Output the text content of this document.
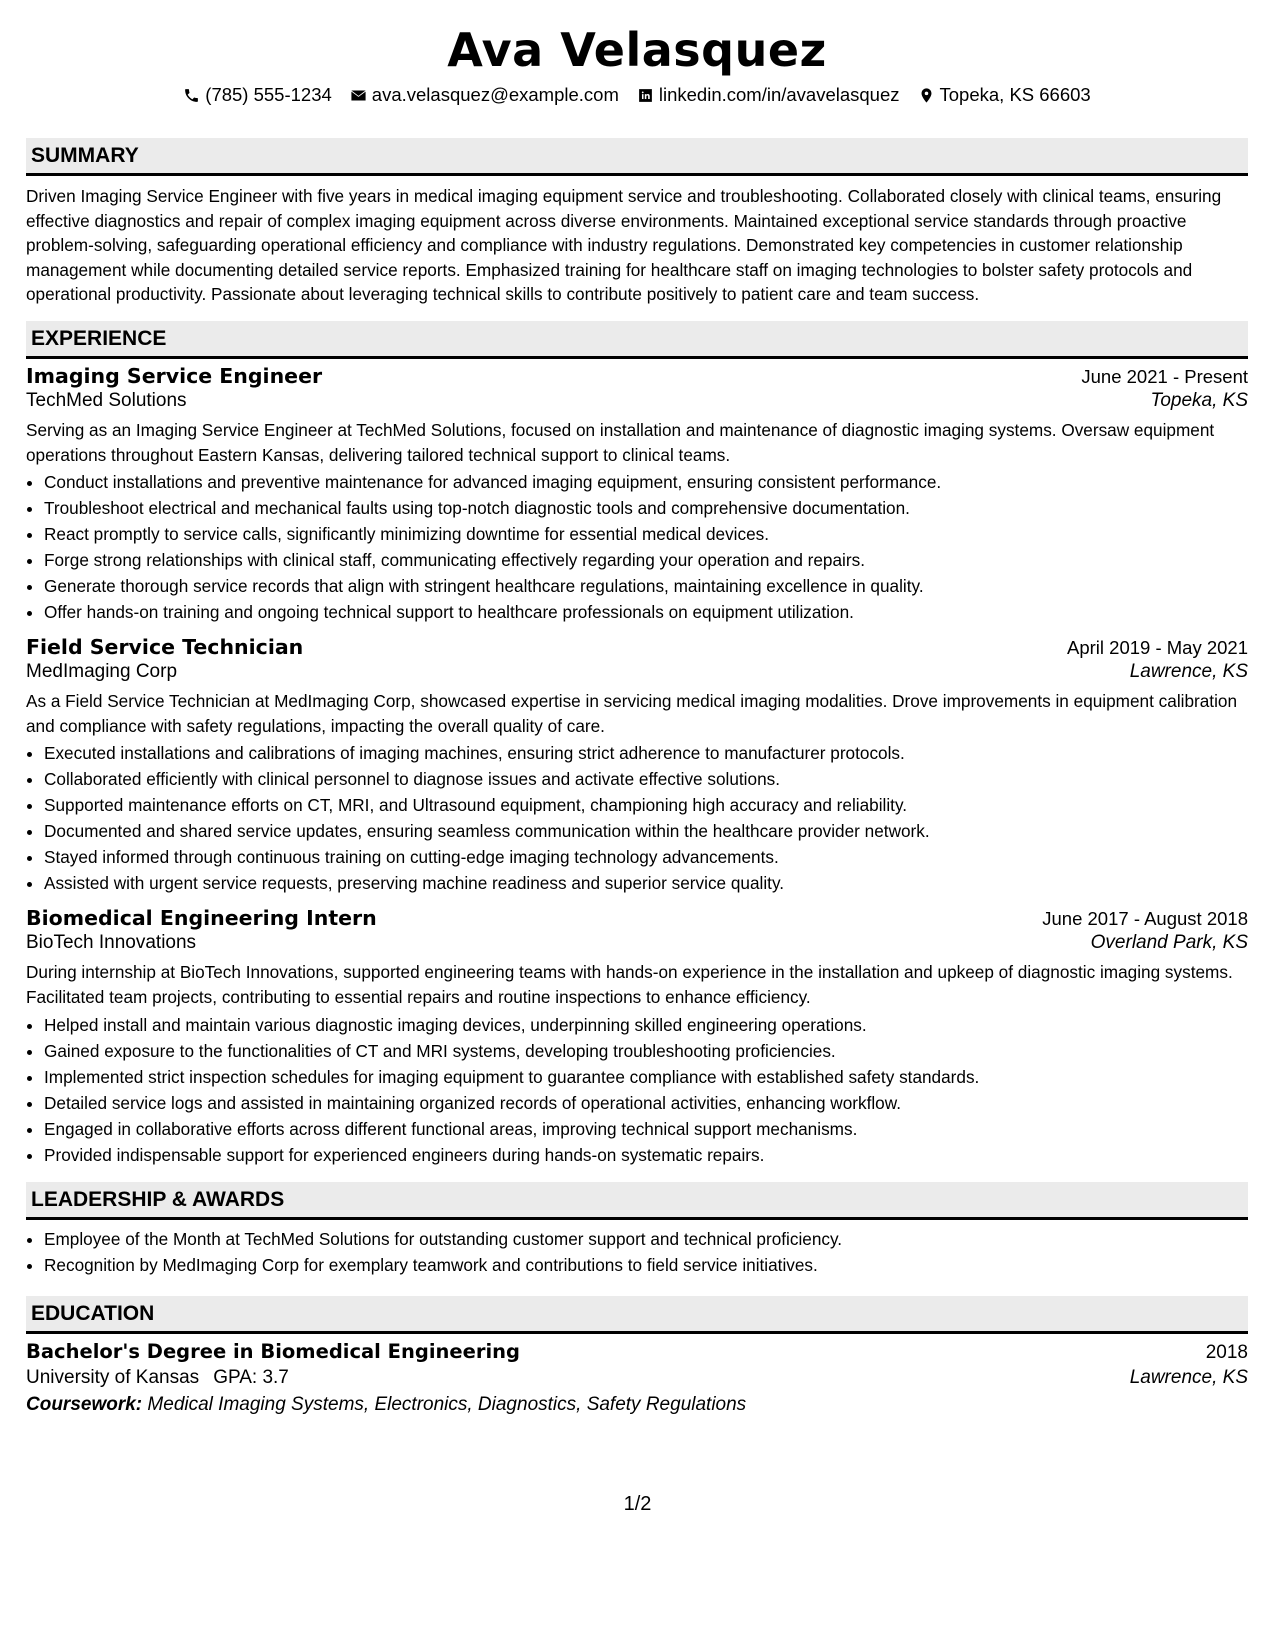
Ava Velasquez
(785) 555-1234 ava.velasquez@example.com linkedin.com/in/avavelasquez Topeka, KS 66603
SUMMARY
Driven Imaging Service Engineer with five years in medical imaging equipment service and troubleshooting. Collaborated closely with clinical teams, ensuring effective diagnostics and repair of complex imaging equipment across diverse environments. Maintained exceptional service standards through proactive problem-solving, safeguarding operational efficiency and compliance with industry regulations. Demonstrated key competencies in customer relationship management while documenting detailed service reports. Emphasized training for healthcare staff on imaging technologies to bolster safety protocols and operational productivity. Passionate about leveraging technical skills to contribute positively to patient care and team success.
EXPERIENCE
Imaging Service Engineer	June 2021 - Present
TechMed Solutions	Topeka, KS
Serving as an Imaging Service Engineer at TechMed Solutions, focused on installation and maintenance of diagnostic imaging systems. Oversaw equipment operations throughout Eastern Kansas, delivering tailored technical support to clinical teams.
• Conduct installations and preventive maintenance for advanced imaging equipment, ensuring consistent performance.
• Troubleshoot electrical and mechanical faults using top-notch diagnostic tools and comprehensive documentation.
• React promptly to service calls, significantly minimizing downtime for essential medical devices.
• Forge strong relationships with clinical staff, communicating effectively regarding your operation and repairs.
• Generate thorough service records that align with stringent healthcare regulations, maintaining excellence in quality.
• Offer hands-on training and ongoing technical support to healthcare professionals on equipment utilization.
Field Service Technician	April 2019 - May 2021
MedImaging Corp	Lawrence, KS
As a Field Service Technician at MedImaging Corp, showcased expertise in servicing medical imaging modalities. Drove improvements in equipment calibration and compliance with safety regulations, impacting the overall quality of care.
• Executed installations and calibrations of imaging machines, ensuring strict adherence to manufacturer protocols.
• Collaborated efficiently with clinical personnel to diagnose issues and activate effective solutions.
• Supported maintenance efforts on CT, MRI, and Ultrasound equipment, championing high accuracy and reliability.
• Documented and shared service updates, ensuring seamless communication within the healthcare provider network.
• Stayed informed through continuous training on cutting-edge imaging technology advancements.
• Assisted with urgent service requests, preserving machine readiness and superior service quality.
Biomedical Engineering Intern	June 2017 - August 2018
BioTech Innovations	Overland Park, KS
During internship at BioTech Innovations, supported engineering teams with hands-on experience in the installation and upkeep of diagnostic imaging systems. Facilitated team projects, contributing to essential repairs and routine inspections to enhance efficiency.
• Helped install and maintain various diagnostic imaging devices, underpinning skilled engineering operations.
• Gained exposure to the functionalities of CT and MRI systems, developing troubleshooting proficiencies.
• Implemented strict inspection schedules for imaging equipment to guarantee compliance with established safety standards.
• Detailed service logs and assisted in maintaining organized records of operational activities, enhancing workflow.
• Engaged in collaborative efforts across different functional areas, improving technical support mechanisms.
• Provided indispensable support for experienced engineers during hands-on systematic repairs.
LEADERSHIP & AWARDS
• Employee of the Month at TechMed Solutions for outstanding customer support and technical proficiency.
• Recognition by MedImaging Corp for exemplary teamwork and contributions to field service initiatives.
EDUCATION
Bachelor's Degree in Biomedical Engineering	2018
University of Kansas GPA: 3.7	Lawrence, KS
Coursework: Medical Imaging Systems, Electronics, Diagnostics, Safety Regulations
1/2
